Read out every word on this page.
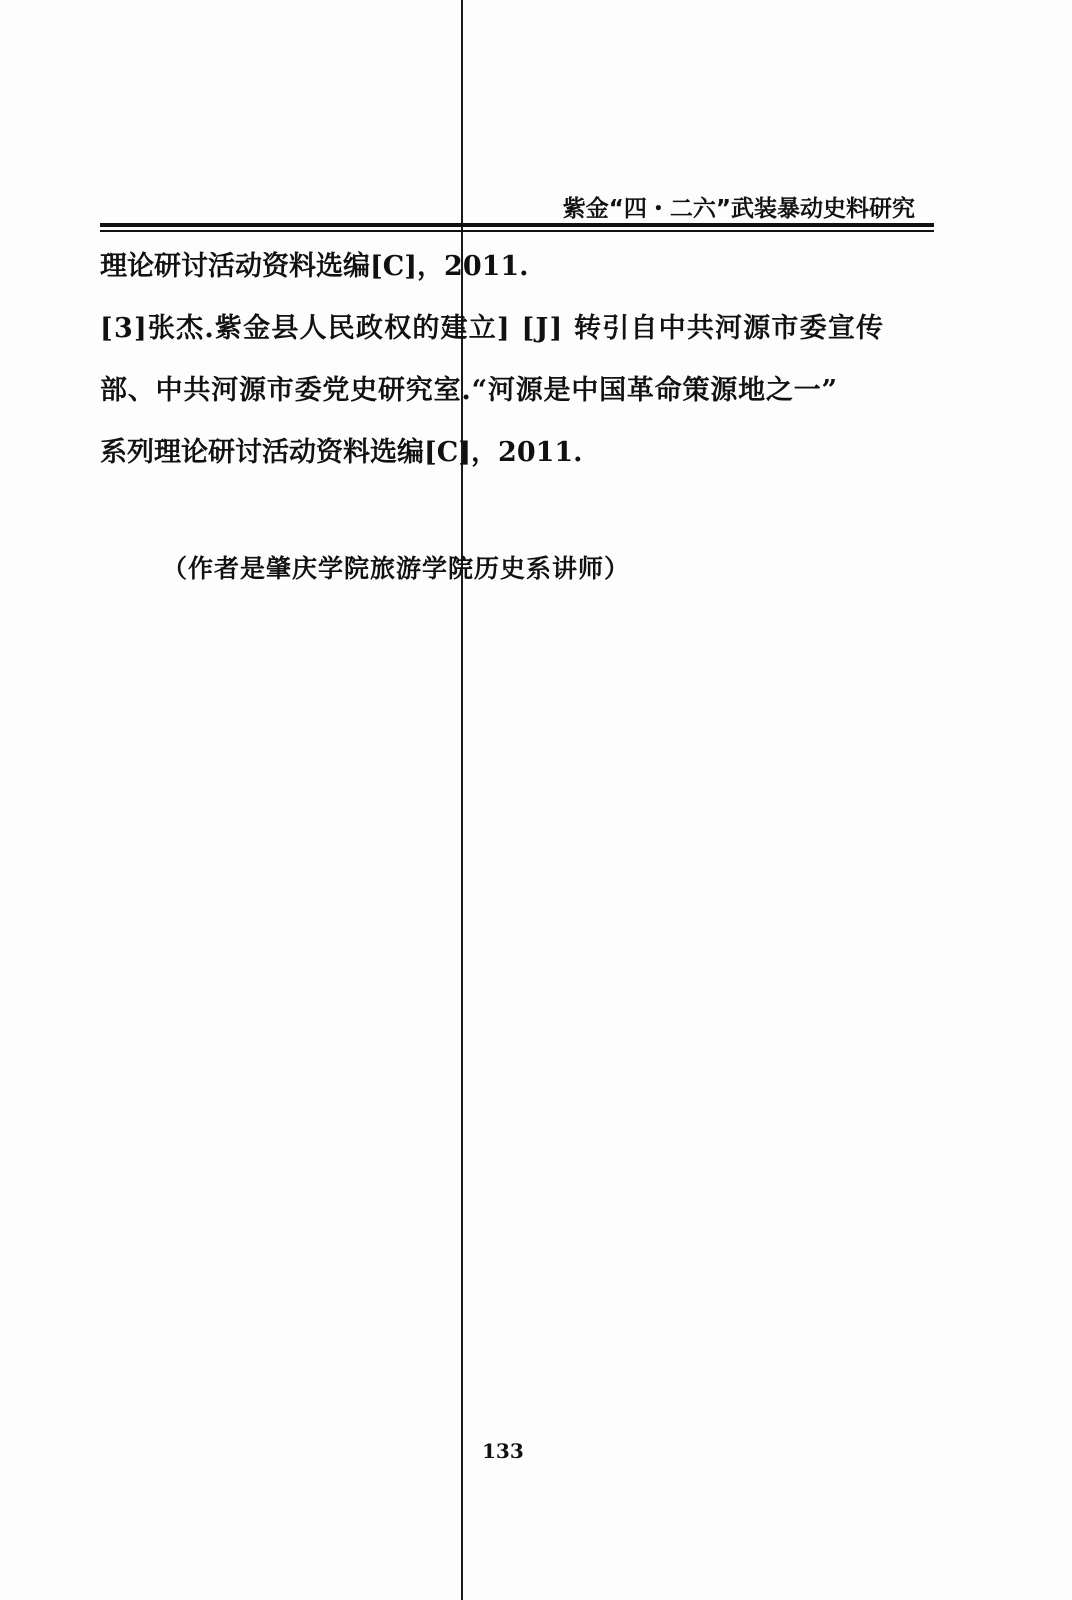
紫金“四・二六”武装暴动史料研究
理论研讨活动资料选编[C]，2011.
[3]张杰.紫金县人民政权的建立] [J] 转引自中共河源市委宣传
部、中共河源市委党史研究室.“河源是中国革命策源地之一”
系列理论研讨活动资料选编[C]，2011.
（作者是肇庆学院旅游学院历史系讲师）
133
